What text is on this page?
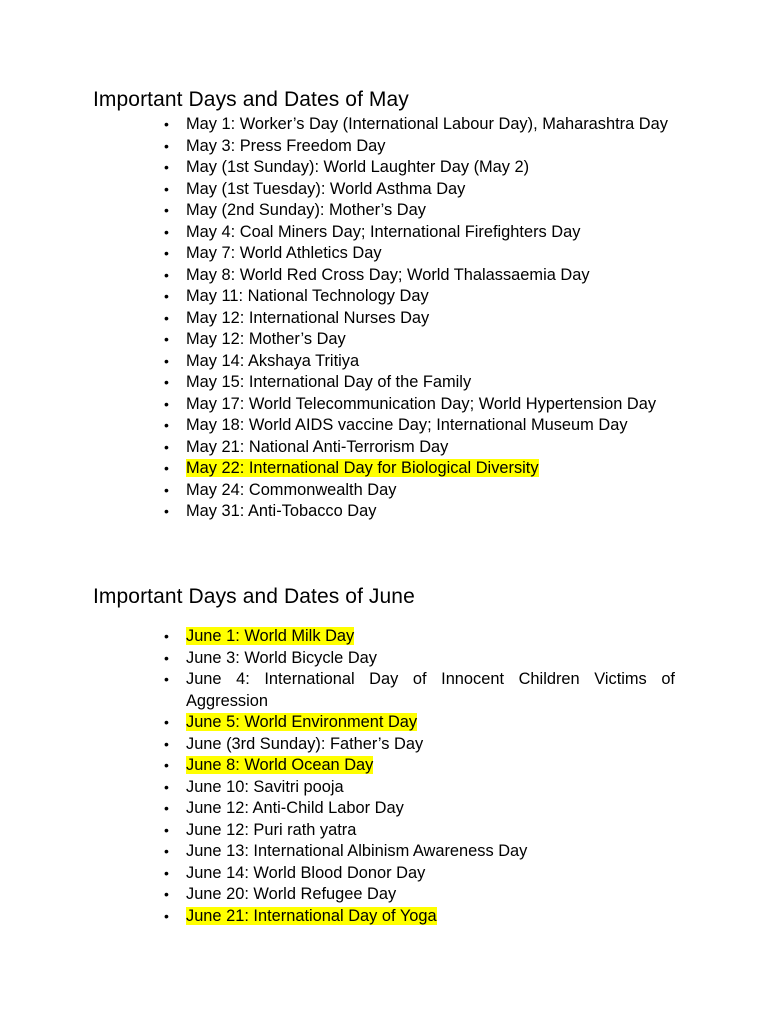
Important Days and Dates of May
• May 1: Worker’s Day (International Labour Day), Maharashtra Day
• May 3: Press Freedom Day
• May (1st Sunday): World Laughter Day (May 2)
• May (1st Tuesday): World Asthma Day
• May (2nd Sunday): Mother’s Day
• May 4: Coal Miners Day; International Firefighters Day
• May 7: World Athletics Day
• May 8: World Red Cross Day; World Thalassaemia Day
• May 11: National Technology Day
• May 12: International Nurses Day
• May 12: Mother’s Day
• May 14: Akshaya Tritiya
• May 15: International Day of the Family
• May 17: World Telecommunication Day; World Hypertension Day
• May 18: World AIDS vaccine Day; International Museum Day
• May 21: National Anti-Terrorism Day
• May 22: International Day for Biological Diversity
• May 24: Commonwealth Day
• May 31: Anti-Tobacco Day
Important Days and Dates of June
• June 1: World Milk Day
• June 3: World Bicycle Day
• June 4: International Day of Innocent Children Victims of Aggression
• June 5: World Environment Day
• June (3rd Sunday): Father’s Day
• June 8: World Ocean Day
• June 10: Savitri pooja
• June 12: Anti-Child Labor Day
• June 12: Puri rath yatra
• June 13: International Albinism Awareness Day
• June 14: World Blood Donor Day
• June 20: World Refugee Day
• June 21: International Day of Yoga
